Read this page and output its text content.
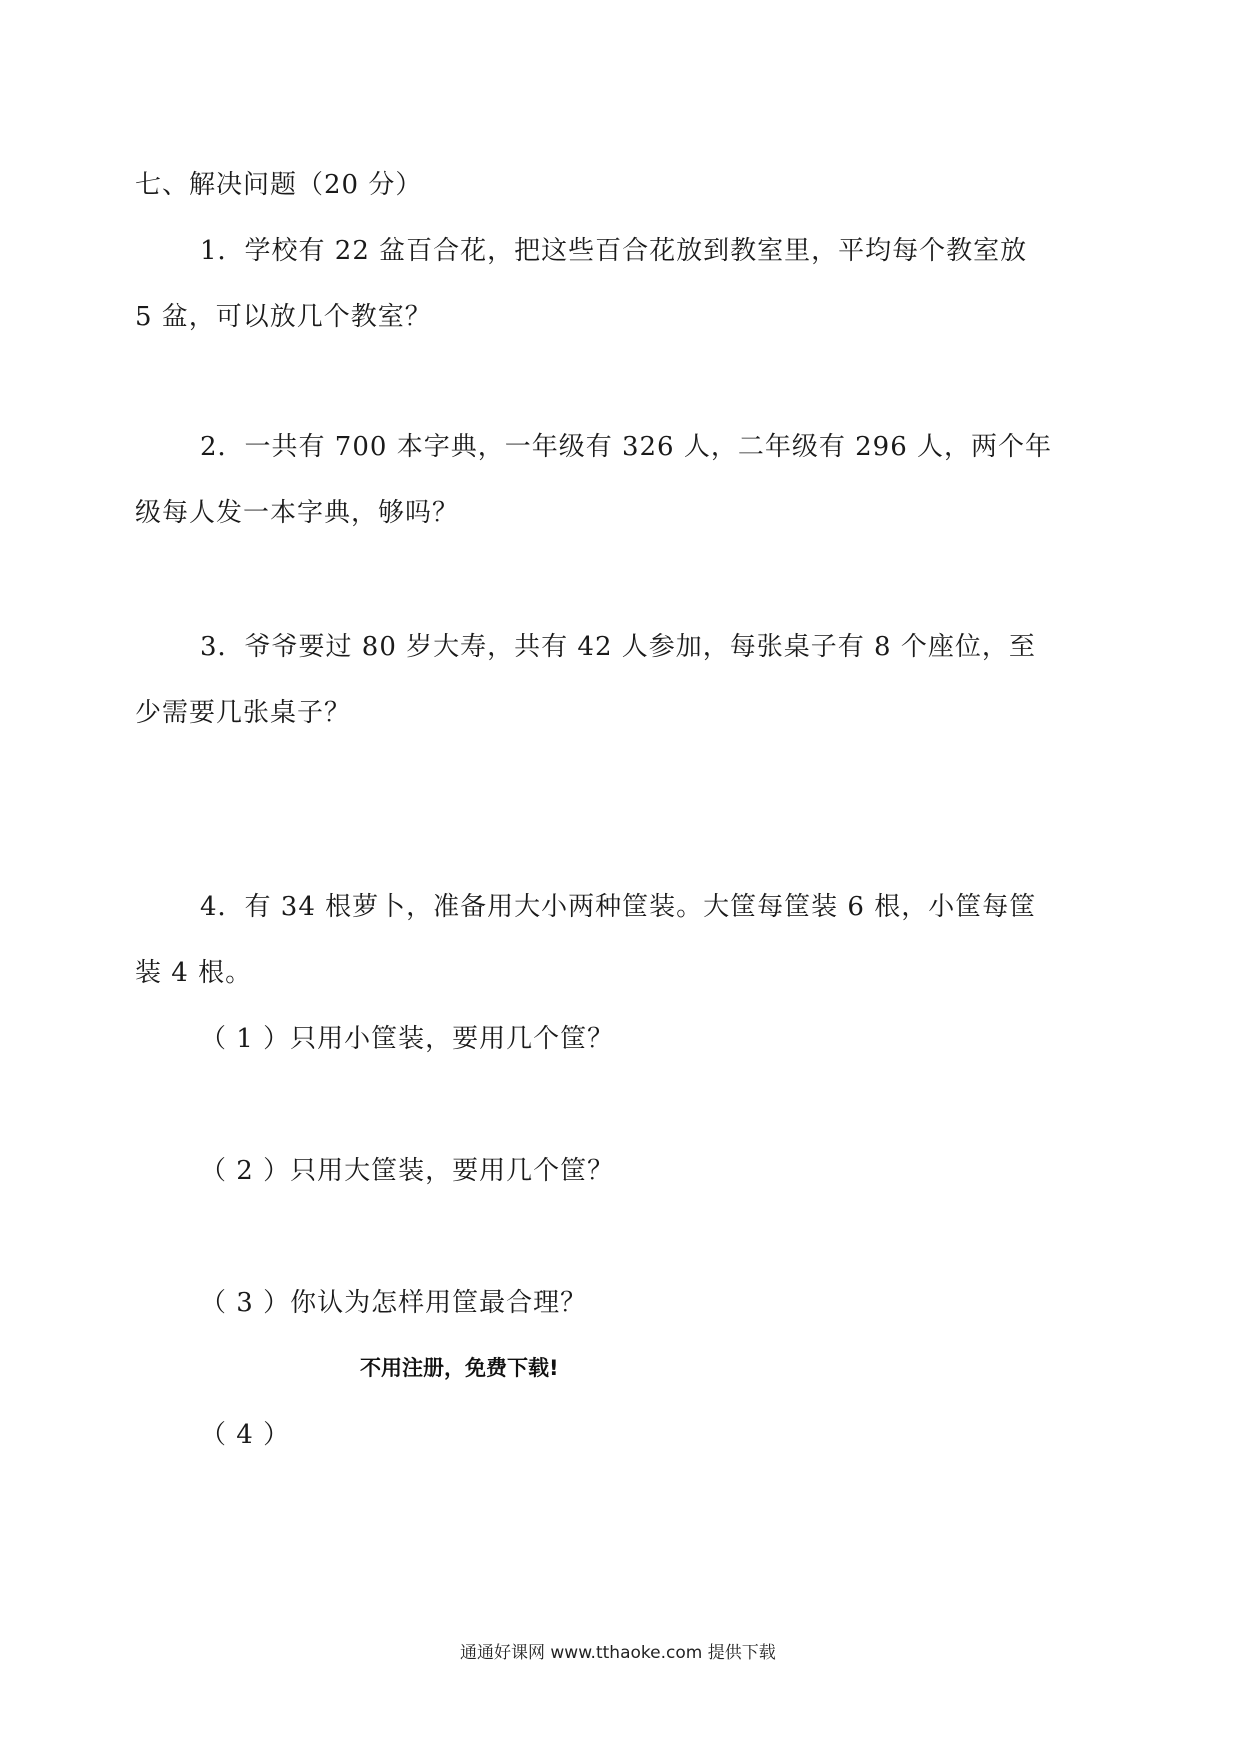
七、解决问题（20 分）
1．学校有 22 盆百合花，把这些百合花放到教室里，平均每个教室放
5 盆，可以放几个教室？
2．一共有 700 本字典，一年级有 326 人，二年级有 296 人，两个年
级每人发一本字典，够吗？
3．爷爷要过 80 岁大寿，共有 42 人参加，每张桌子有 8 个座位，至
少需要几张桌子？
4．有 34 根萝卜，准备用大小两种筐装。大筐每筐装 6 根，小筐每筐
装 4 根。
（ 1 ）只用小筐装，要用几个筐？
（ 2 ）只用大筐装，要用几个筐？
（ 3 ）你认为怎样用筐最合理？
（ 4 ）
不用注册，免费下载!
通通好课网 www.tthaoke.com 提供下载
